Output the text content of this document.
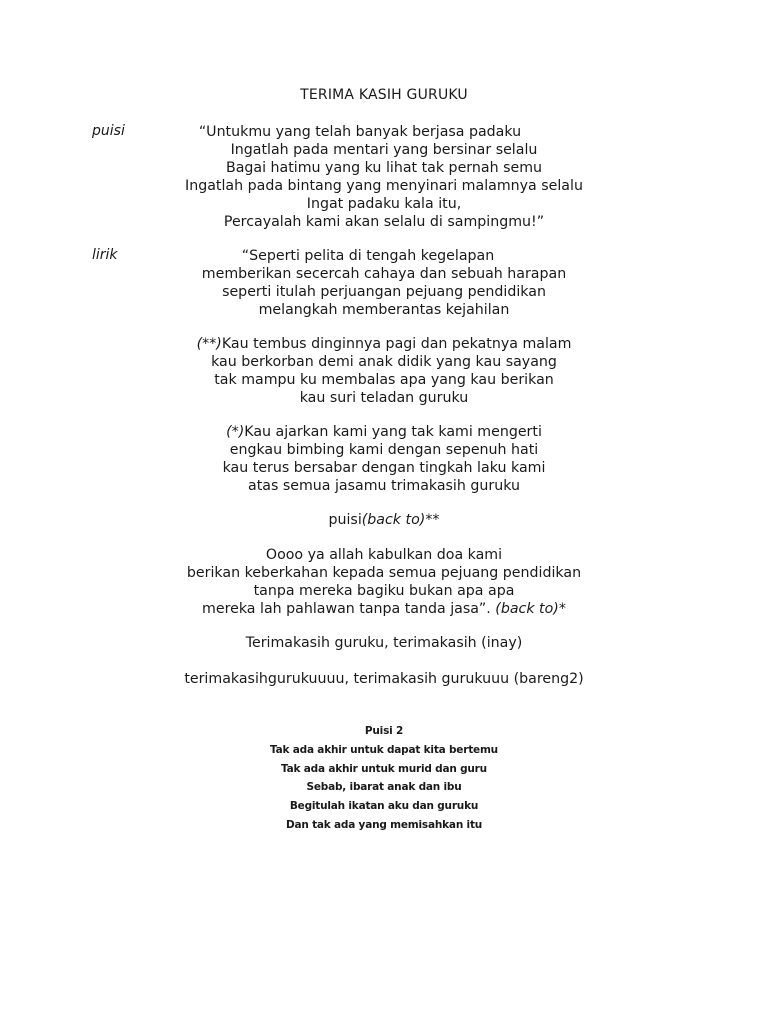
TERIMA KASIH GURUKU
puisi	“Untukmu yang telah banyak berjasa padaku
Ingatlah pada mentari yang bersinar selalu
Bagai hatimu yang ku lihat tak pernah semu
Ingatlah pada bintang yang menyinari malamnya selalu
Ingat padaku kala itu,
Percayalah kami akan selalu di sampingmu!”
lirik	“Seperti pelita di tengah kegelapan
memberikan secercah cahaya dan sebuah harapan
seperti itulah perjuangan pejuang pendidikan
melangkah memberantas kejahilan
(**)Kau tembus dinginnya pagi dan pekatnya malam
kau berkorban demi anak didik yang kau sayang
tak mampu ku membalas apa yang kau berikan
kau suri teladan guruku
(*)Kau ajarkan kami yang tak kami mengerti
engkau bimbing kami dengan sepenuh hati
kau terus bersabar dengan tingkah laku kami
atas semua jasamu trimakasih guruku
puisi(back to)**
Oooo ya allah kabulkan doa kami
berikan keberkahan kepada semua pejuang pendidikan
tanpa mereka bagiku bukan apa apa
mereka lah pahlawan tanpa tanda jasa”. (back to)*
Terimakasih guruku, terimakasih (inay)
terimakasihgurukuuuu, terimakasih gurukuuu (bareng2)
Puisi 2
Tak ada akhir untuk dapat kita bertemu
Tak ada akhir untuk murid dan guru
Sebab, ibarat anak dan ibu
Begitulah ikatan aku dan guruku
Dan tak ada yang memisahkan itu
